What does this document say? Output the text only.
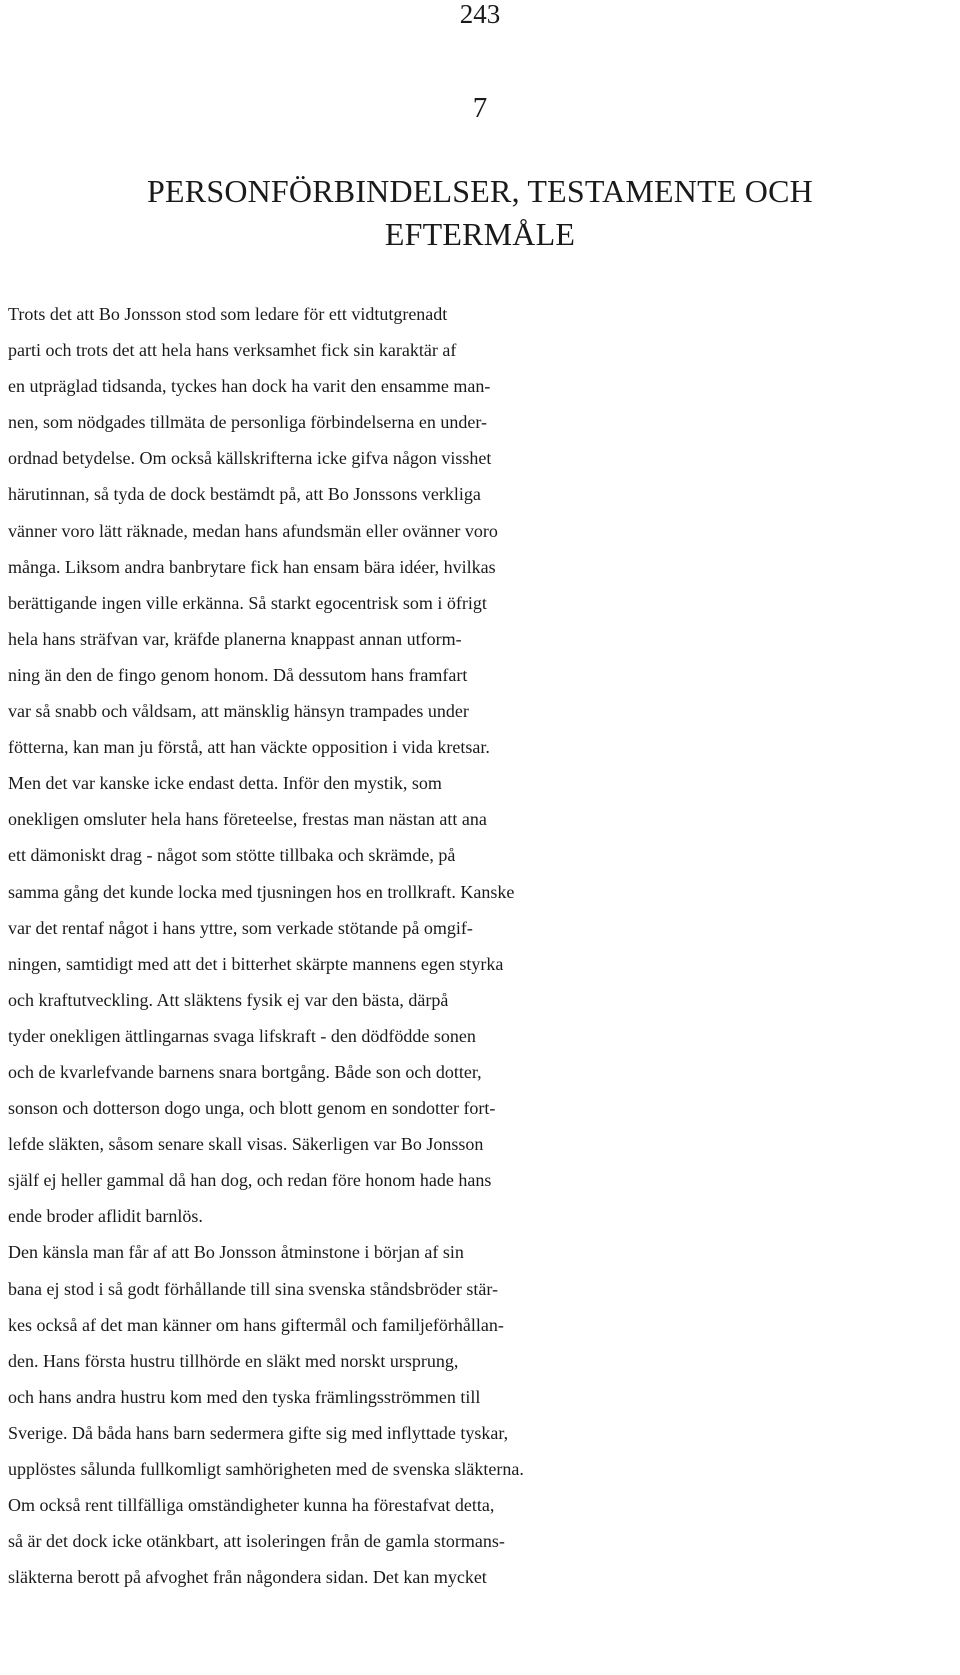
243
7
PERSONFÖRBINDELSER, TESTAMENTE OCH
EFTERMÅLE
Trots det att Bo Jonsson stod som ledare för ett vidtutgrenadt
parti och trots det att hela hans verksamhet fick sin karaktär af
en utpräglad tidsanda, tyckes han dock ha varit den ensamme man-
nen, som nödgades tillmäta de personliga förbindelserna en under-
ordnad betydelse. Om också källskrifterna icke gifva någon visshet
härutinnan, så tyda de dock bestämdt på, att Bo Jonssons verkliga
vänner voro lätt räknade, medan hans afundsmän eller ovänner voro
många. Liksom andra banbrytare fick han ensam bära idéer, hvilkas
berättigande ingen ville erkänna. Så starkt egocentrisk som i öfrigt
hela hans sträfvan var, kräfde planerna knappast annan utform-
ning än den de fingo genom honom. Då dessutom hans framfart
var så snabb och våldsam, att mänsklig hänsyn trampades under
fötterna, kan man ju förstå, att han väckte opposition i vida kretsar.
Men det var kanske icke endast detta. Inför den mystik, som
onekligen omsluter hela hans företeelse, frestas man nästan att ana
ett dämoniskt drag - något som stötte tillbaka och skrämde, på
samma gång det kunde locka med tjusningen hos en trollkraft. Kanske
var det rentaf något i hans yttre, som verkade stötande på omgif-
ningen, samtidigt med att det i bitterhet skärpte mannens egen styrka
och kraftutveckling. Att släktens fysik ej var den bästa, därpå
tyder onekligen ättlingarnas svaga lifskraft - den dödfödde sonen
och de kvarlefvande barnens snara bortgång. Både son och dotter,
sonson och dotterson dogo unga, och blott genom en sondotter fort-
lefde släkten, såsom senare skall visas. Säkerligen var Bo Jonsson
själf ej heller gammal då han dog, och redan före honom hade hans
ende broder aflidit barnlös.
Den känsla man får af att Bo Jonsson åtminstone i början af sin
bana ej stod i så godt förhållande till sina svenska ståndsbröder stär-
kes också af det man känner om hans giftermål och familjeförhållan-
den. Hans första hustru tillhörde en släkt med norskt ursprung,
och hans andra hustru kom med den tyska främlingsströmmen till
Sverige. Då båda hans barn sedermera gifte sig med inflyttade tyskar,
upplöstes sålunda fullkomligt samhörigheten med de svenska släkterna.
Om också rent tillfälliga omständigheter kunna ha förestafvat detta,
så är det dock icke otänkbart, att isoleringen från de gamla stormans-
släkterna berott på afvoghet från någondera sidan. Det kan mycket
